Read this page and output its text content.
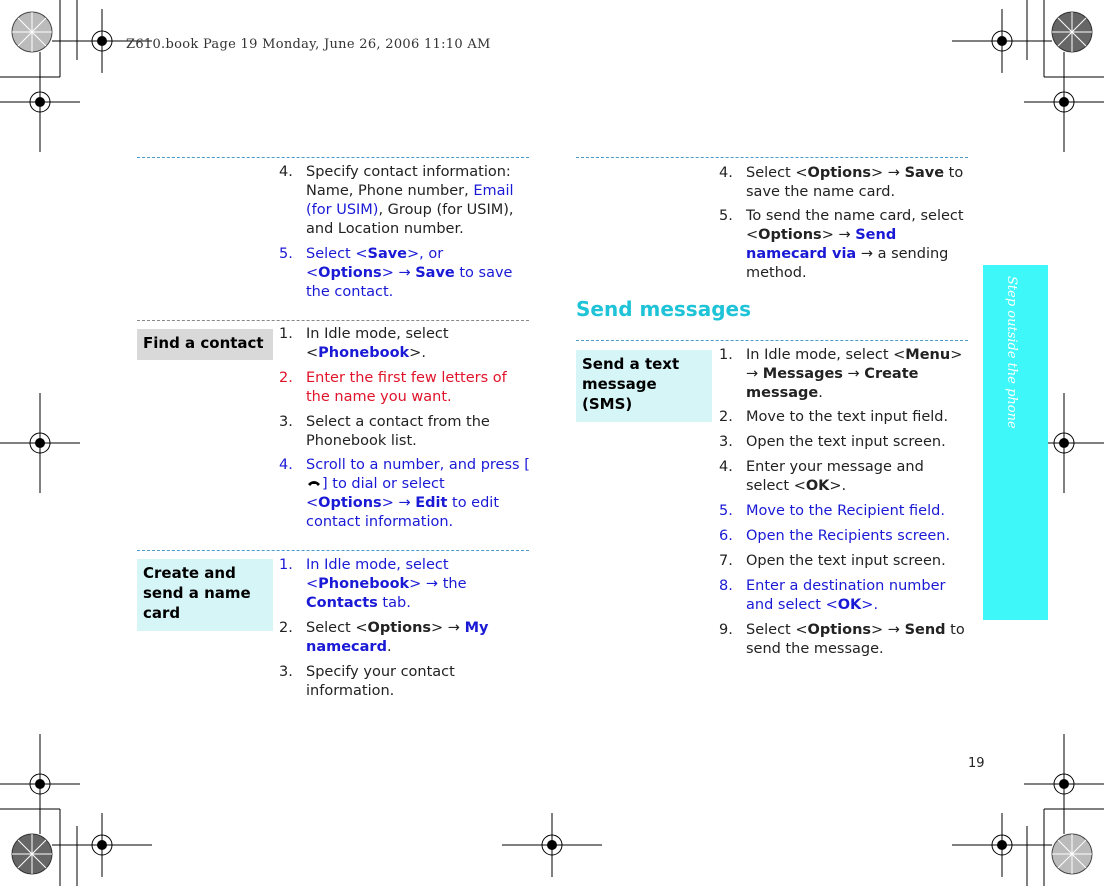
Z610.book Page 19 Monday, June 26, 2006 11:10 AM
Step outside the phone
19
4. Specify contact information: Name, Phone number, Email (for USIM), Group (for USIM), and Location number.
5. Select <Save>, or <Options> → Save to save the contact.
Find a contact	1. In Idle mode, select <Phonebook>.
2. Enter the first few letters of the name you want.
3. Select a contact from the Phonebook list.
4. Scroll to a number, and press [] to dial or select <Options> → Edit to edit contact information.
Create and send a name card
1. In Idle mode, select <Phonebook> → the Contacts tab.
2. Select <Options> → My namecard.
3. Specify your contact information.
4. Select <Options> → Save to save the name card.
5. To send the name card, select <Options> → Send namecard via → a sending method.
Send messages
Send a text message (SMS)
1. In Idle mode, select <Menu> → Messages → Create message.
2. Move to the text input field.
3. Open the text input screen.
4. Enter your message and select <OK>.
5. Move to the Recipient field.
6. Open the Recipients screen.
7. Open the text input screen.
8. Enter a destination number and select <OK>.
9. Select <Options> → Send to send the message.
